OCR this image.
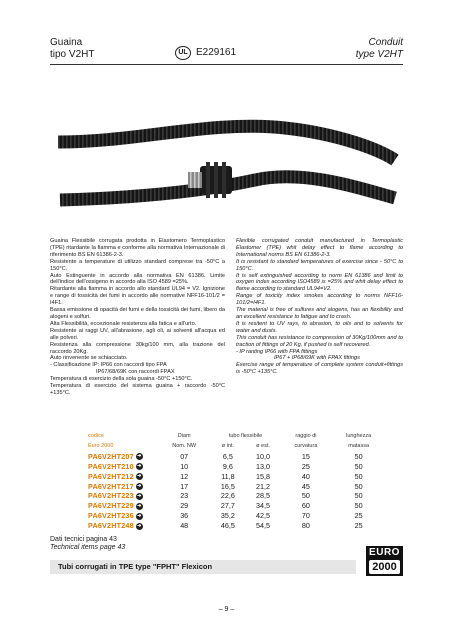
Guaina
tipo V2HT	UL E229161
Conduit
type V2HT

Guaina Flessibile corrugata prodotta in Elastomero Termoplastico (TPE) ritardante la fiamma e conforme alla normativa Internazionale di riferimento BS EN 61386-2-3.

Resistente a temperature di utilizzo standard comprese tra -50°C a 150°C.

Auto Estinguente in accordo alla normativa EN 61386. Limite dell'indice dell'ossigeno in accordo alla ISO 4589 =25%.

Ritardante alla fiamma in accordo allo standard UL94 = V2. Ignizione e range di tossicità dei fumi in accordo alle normative NFF16-101/2 = I4F1.

Bassa emissione di opacità dei fumi e della tossicità dei fumi, libero da alogeni e solfuri.

Alta Flessibilità, eccezionale resistenza alla fatica e all'urto.

Resistente ai raggi UV, all'abrasione, agli oli, ai solventi all'acqua ed alle polveri.

Resistenza alla compressione 30kg/100 mm, alla trazione del raccordo 20Kg.

Auto rinvenente se schiacciato.

- Classificazione IP: IP66 con raccordi tipo FPA

IP67/68/69K con raccordi FPAX

Temperatura di esercizio della sola guaina -50°C +150°C.

Temperatura di esercizio del sistema guaina + raccordo -50°C +135°C.

Flexible corrugated conduit manufactured in Termoplastic Elastomer (TPE) whit delay effect to flame according to International norms BS EN 61386-2-3.

It is resistant to standard temperatures of exercise since - 50°C to 150°C.

It is self extinguished according to norm EN 61386 and limit to oxygen index according ISO4589 is =25% and whit delay effect to flame according to standard UL94=V2.

Range of toxicity index smokes according to norms NFF16-101/2=I4F1.

The material is free of sulfures and alogens, has an flexibility and an excellent resistance to fatigue and to crash.

It is resitent to UV rays, to abrasion, to oils and to solvents for water and dusts.

This conduit has resistance to compression of 30Kg/100mm and to traction of fittings of 20 Kg, if pushed is self recovered.

- IP ranting IP66 with FPA fittings

IP67 + IP68/69K with FPAX fittings

Exercise range of temperature of complete system conduit+fittings is -50°C +135°C.

codice	Diam	tubo flessibile		raggio di	lunghezza
Euro 2000	Nom. NW	ø int.	ø est.	curvatura	matassa
PA6V2HT207 ➜	07	6,5	10,0	15	50
PA6V2HT210 ➜	10	9,6	13,0	25	50
PA6V2HT212 ➜	12	11,8	15,8	40	50
PA6V2HT217 ➜	17	16,5	21,2	45	50
PA6V2HT223 ➜	23	22,6	28,5	50	50
PA6V2HT229 ➜	29	27,7	34,5	60	50
PA6V2HT236 ➜	36	35,2	42,5	70	25
PA6V2HT248 ➜	48	46,5	54,5	80	25
Dati tecnici pagina 43
Technical items page 43
Tubi corrugati in TPE type "FPHT" Flexicon
EURO
2000
– 9 –
